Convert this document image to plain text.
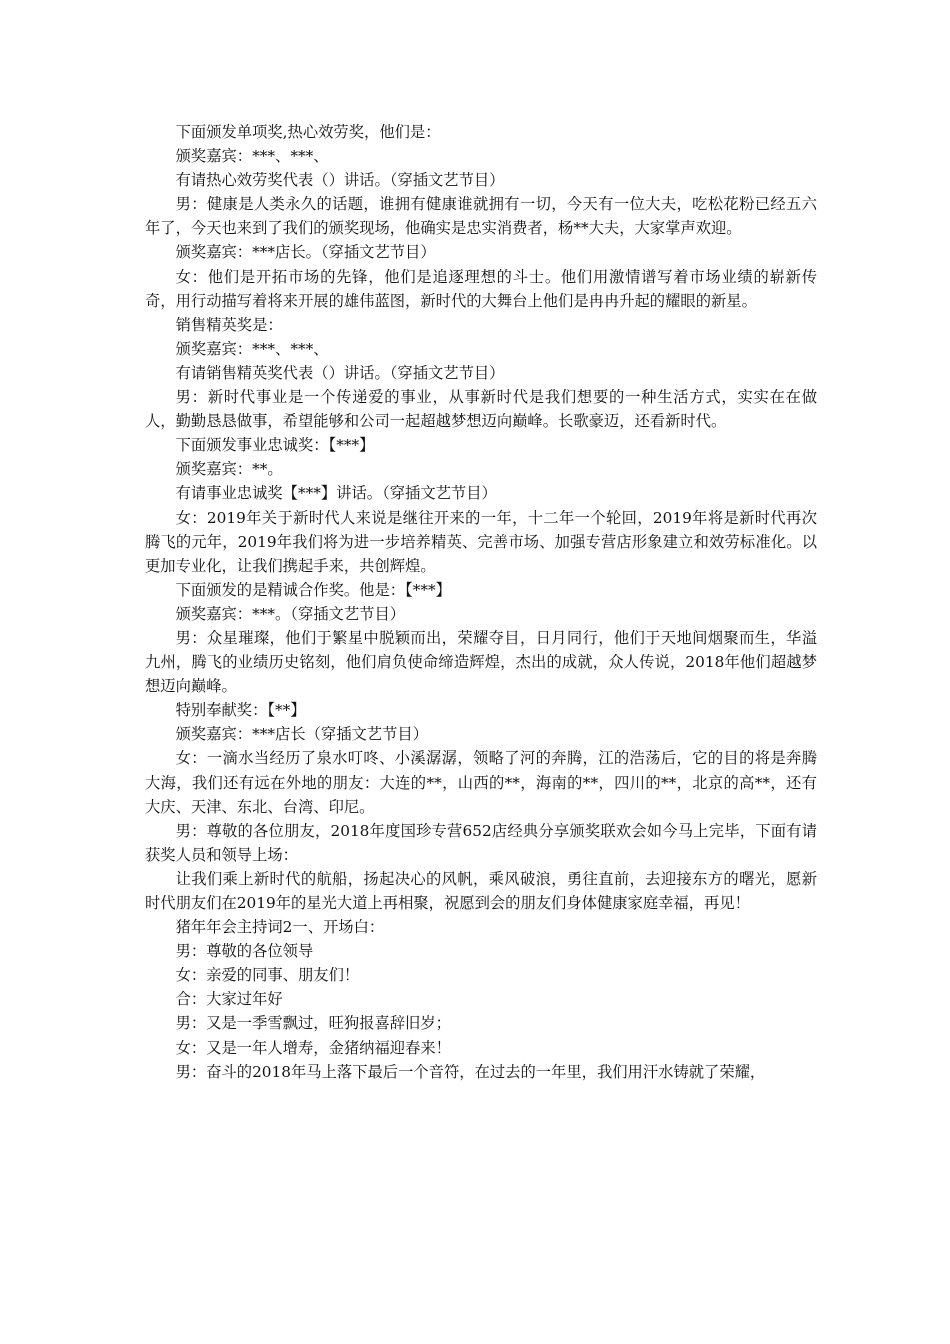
下面颁发单项奖,热心效劳奖，他们是：

颁奖嘉宾：***、***、

有请热心效劳奖代表（）讲话。（穿插文艺节目）

男：健康是人类永久的话题，谁拥有健康谁就拥有一切，今天有一位大夫，吃松花粉已经五六年了，今天也来到了我们的颁奖现场，他确实是忠实消费者，杨**大夫，大家掌声欢迎。

颁奖嘉宾：***店长。（穿插文艺节目）

女：他们是开拓市场的先锋，他们是追逐理想的斗士。他们用激情谱写着市场业绩的崭新传奇，用行动描写着将来开展的雄伟蓝图，新时代的大舞台上他们是冉冉升起的耀眼的新星。

销售精英奖是：

颁奖嘉宾：***、***、

有请销售精英奖代表（）讲话。（穿插文艺节目）

男：新时代事业是一个传递爱的事业，从事新时代是我们想要的一种生活方式，实实在在做人，勤勤恳恳做事，希望能够和公司一起超越梦想迈向巅峰。长歌豪迈，还看新时代。

下面颁发事业忠诚奖：【***】

颁奖嘉宾：**。

有请事业忠诚奖【***】讲话。（穿插文艺节目）

女：2019年关于新时代人来说是继往开来的一年，十二年一个轮回，2019年将是新时代再次腾飞的元年，2019年我们将为进一步培养精英、完善市场、加强专营店形象建立和效劳标准化。以更加专业化，让我们携起手来，共创辉煌。

下面颁发的是精诚合作奖。他是：【***】

颁奖嘉宾：***。（穿插文艺节目）

男：众星璀璨，他们于繁星中脱颖而出，荣耀夺目，日月同行，他们于天地间烟聚而生，华溢九州，腾飞的业绩历史铭刻，他们肩负使命缔造辉煌，杰出的成就，众人传说，2018年他们超越梦想迈向巅峰。

特别奉献奖：【**】

颁奖嘉宾：***店长（穿插文艺节目）

女：一滴水当经历了泉水叮咚、小溪潺潺，领略了河的奔腾，江的浩荡后，它的目的将是奔腾大海，我们还有远在外地的朋友：大连的**，山西的**，海南的**，四川的**，北京的高**，还有大庆、天津、东北、台湾、印尼。

男：尊敬的各位朋友，2018年度国珍专营652店经典分享颁奖联欢会如今马上完毕，下面有请获奖人员和领导上场：

让我们乘上新时代的航船，扬起决心的风帆，乘风破浪，勇往直前，去迎接东方的曙光，愿新时代朋友们在2019年的星光大道上再相聚，祝愿到会的朋友们身体健康家庭幸福，再见！

猪年年会主持词2一、开场白：

男：尊敬的各位领导

女：亲爱的同事、朋友们！

合：大家过年好

男：又是一季雪飘过，旺狗报喜辞旧岁；

女：又是一年人增寿，金猪纳福迎春来！

男：奋斗的2018年马上落下最后一个音符，在过去的一年里，我们用汗水铸就了荣耀，
